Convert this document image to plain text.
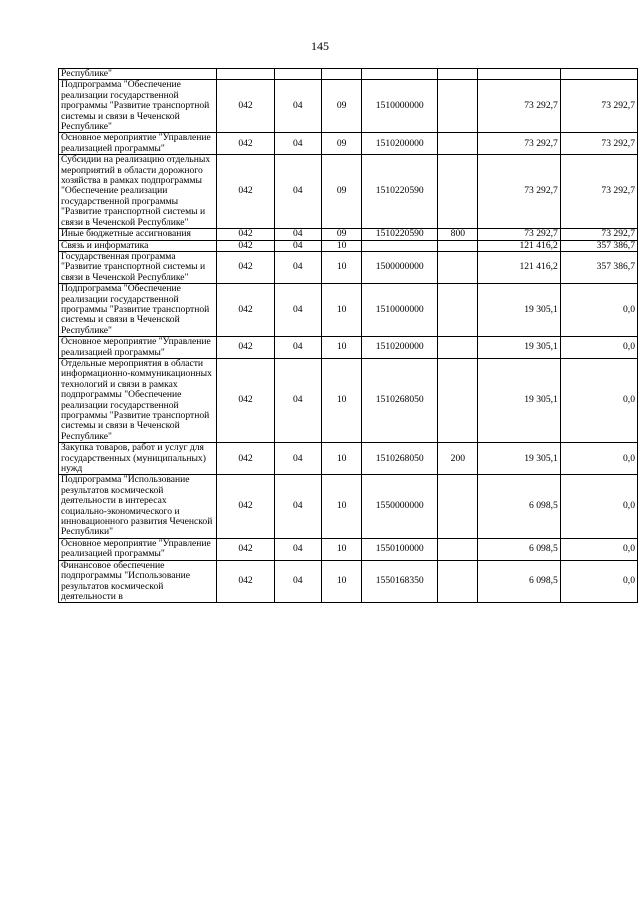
145
Республике"							
Подпрограмма "Обеспечение реализации государственной программы "Развитие транспортной системы и связи в Чеченской Республике"	042	04	09	1510000000		73 292,7	73 292,7
Основное мероприятие "Управление реализацией программы"	042	04	09	1510200000		73 292,7	73 292,7
Субсидии на реализацию отдельных мероприятий в области дорожного хозяйства в рамках подпрограммы "Обеспечение реализации государственной программы "Развитие транспортной системы и связи в Чеченской Республике"	042	04	09	1510220590		73 292,7	73 292,7
Иные бюджетные ассигнования	042	04	09	1510220590	800	73 292,7	73 292,7
Связь и информатика	042	04	10			121 416,2	357 386,7
Государственная программа "Развитие транспортной системы и связи в Чеченской Республике"	042	04	10	1500000000		121 416,2	357 386,7
Подпрограмма "Обеспечение реализации государственной программы "Развитие транспортной системы и связи в Чеченской Республике"	042	04	10	1510000000		19 305,1	0,0
Основное мероприятие "Управление реализацией программы"	042	04	10	1510200000		19 305,1	0,0
Отдельные мероприятия в области информационно-коммуникационных технологий и связи в рамках подпрограммы "Обеспечение реализации государственной программы "Развитие транспортной системы и связи в Чеченской Республике"	042	04	10	1510268050		19 305,1	0,0
Закупка товаров, работ и услуг для государственных (муниципальных) нужд	042	04	10	1510268050	200	19 305,1	0,0
Подпрограмма "Использование результатов космической деятельности в интересах социально-экономического и инновационного развития Чеченской Республики"	042	04	10	1550000000		6 098,5	0,0
Основное мероприятие "Управление реализацией программы"	042	04	10	1550100000		6 098,5	0,0
Финансовое обеспечение подпрограммы "Использование результатов космической деятельности в	042	04	10	1550168350		6 098,5	0,0
